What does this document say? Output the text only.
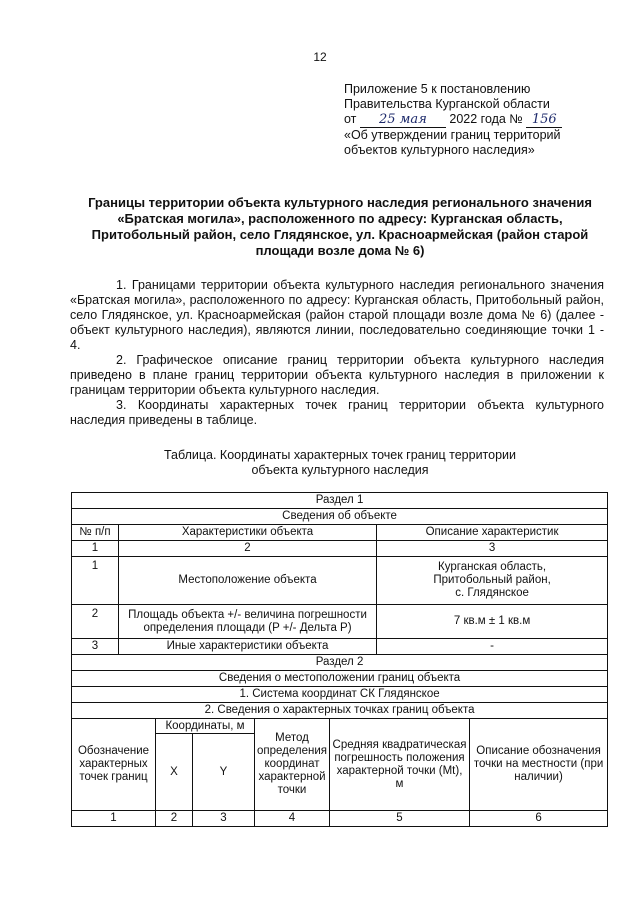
12
Приложение 5 к постановлению
Правительства Курганской области
от 25 мая 2022 года № 156
«Об утверждении границ территорий
объектов культурного наследия»
Границы территории объекта культурного наследия регионального значения «Братская могила», расположенного по адресу: Курганская область, Притобольный район, село Глядянское, ул. Красноармейская (район старой площади возле дома № 6)

1. Границами территории объекта культурного наследия регионального значения «Братская могила», расположенного по адресу: Курганская область, Притобольный район, село Глядянское, ул. Красноармейская (район старой площади возле дома № 6) (далее - объект культурного наследия), являются линии, последовательно соединяющие точки 1 - 4.

2. Графическое описание границ территории объекта культурного наследия приведено в плане границ территории объекта культурного наследия в приложении к границам территории объекта культурного наследия.

3. Координаты характерных точек границ территории объекта культурного наследия приведены в таблице.

Таблица. Координаты характерных точек границ территории
объекта культурного наследия
Раздел 1							
Сведения об объекте							
№ п/п	Характеристики объекта					Описание характеристик	
1	2					3	
1	Местоположение объекта					Курганская область,
Притобольный район,
с. Глядянское	

2	Площадь объекта +/- величина погрешности
определения площади (P +/- Дельта P)					7 кв.м ± 1 кв.м	
3	Иные характеристики объекта					-	
Раздел 2							
Сведения о местоположении границ объекта							
1. Система координат СК Глядянское							
2. Сведения о характерных точках границ объекта							
Обозначение характерных точек границ		Координаты, м		Метод определения координат характерной точки	Средняя квадратическая погрешность положения характерной точки (Mt), м		Описание обозначения точки на местности (при наличии)
		X	Y				
1		2	3	4	5		6
